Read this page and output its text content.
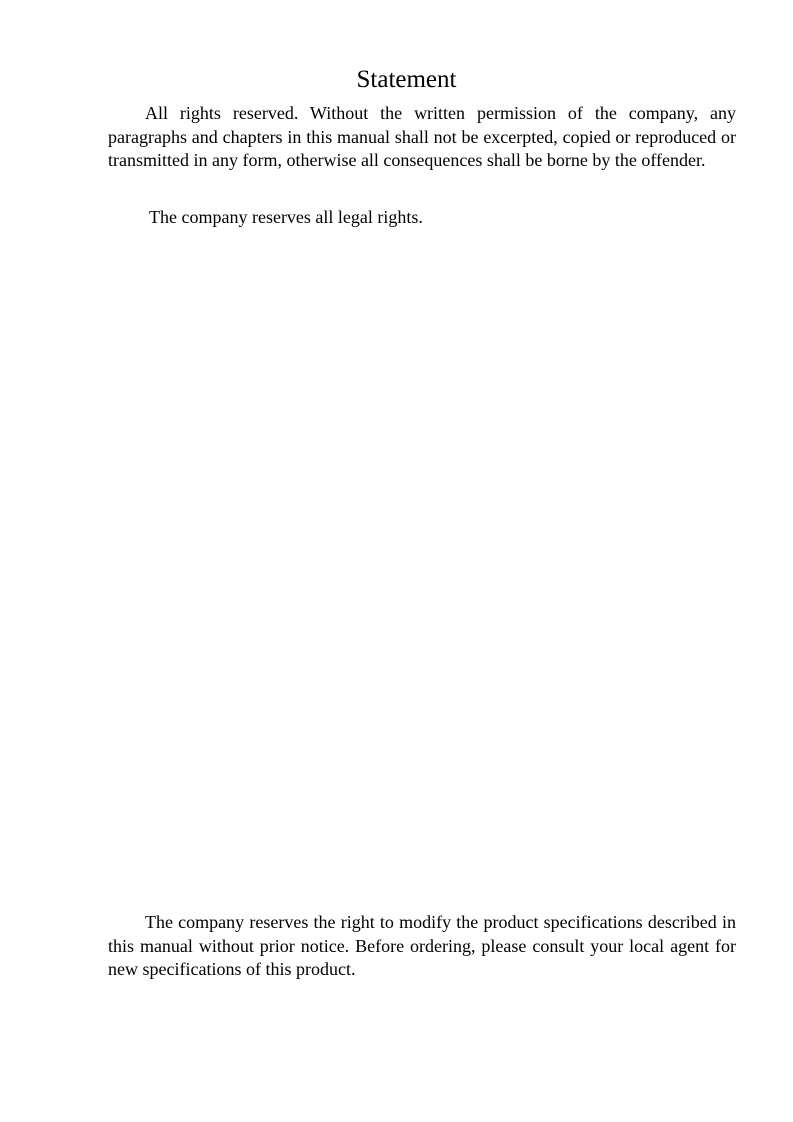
Statement

All rights reserved. Without the written permission of the company, any paragraphs and chapters in this manual shall not be excerpted, copied or reproduced or transmitted in any form, otherwise all consequences shall be borne by the offender.

The company reserves all legal rights.

The company reserves the right to modify the product specifications described in this manual without prior notice. Before ordering, please consult your local agent for new specifications of this product.
